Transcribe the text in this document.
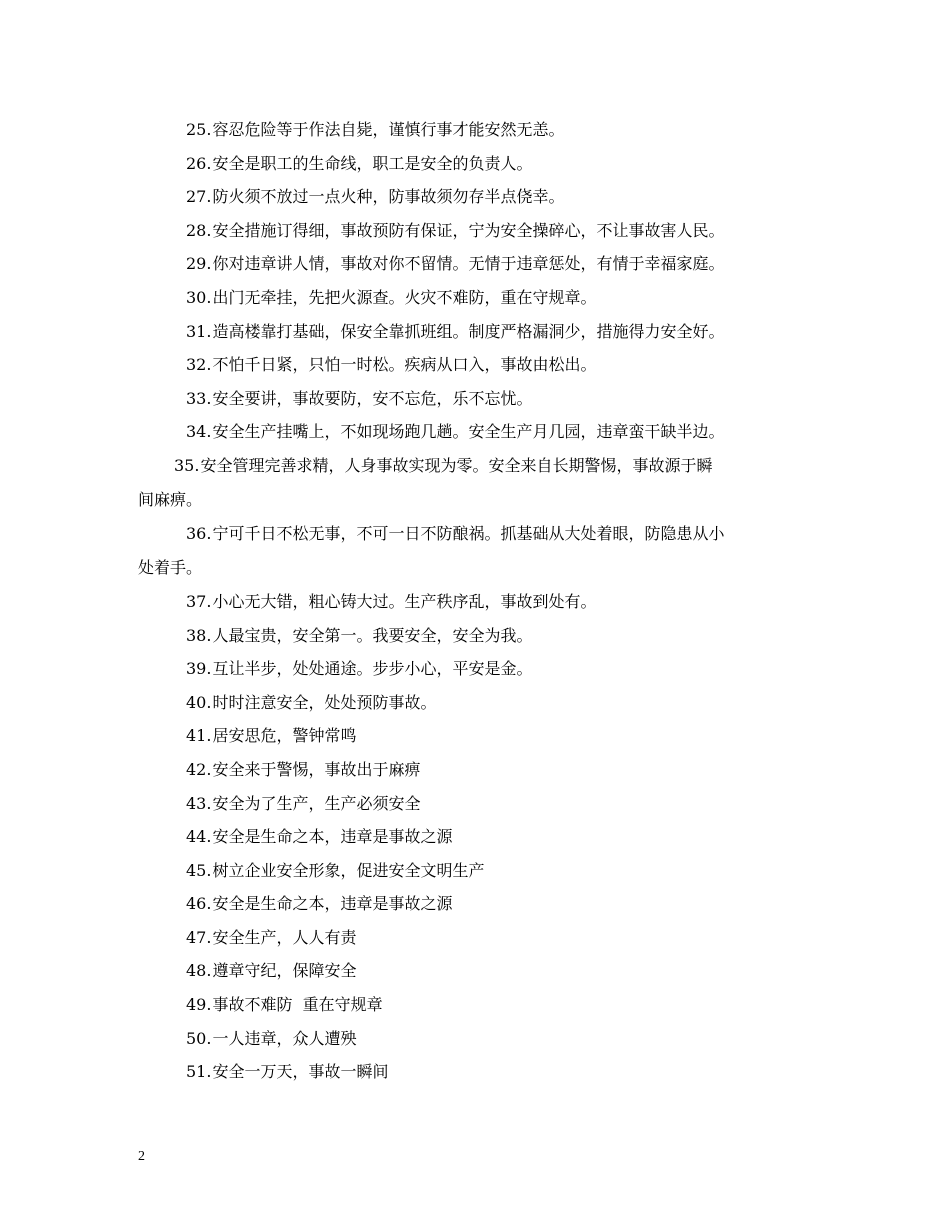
25.容忍危险等于作法自毙，谨慎行事才能安然无恙。
26.安全是职工的生命线，职工是安全的负责人。
27.防火须不放过一点火种，防事故须勿存半点侥幸。
28.安全措施订得细，事故预防有保证，宁为安全操碎心，不让事故害人民。
29.你对违章讲人情，事故对你不留情。无情于违章惩处，有情于幸福家庭。
30.出门无牵挂，先把火源查。火灾不难防，重在守规章。
31.造高楼靠打基础，保安全靠抓班组。制度严格漏洞少，措施得力安全好。
32.不怕千日紧，只怕一时松。疾病从口入，事故由松出。
33.安全要讲，事故要防，安不忘危，乐不忘忧。
34.安全生产挂嘴上，不如现场跑几趟。安全生产月几园，违章蛮干缺半边。
35.安全管理完善求精，人身事故实现为零。安全来自长期警惕，事故源于瞬
间麻痹。
36.宁可千日不松无事，不可一日不防酿祸。抓基础从大处着眼，防隐患从小
处着手。
37.小心无大错，粗心铸大过。生产秩序乱，事故到处有。
38.人最宝贵，安全第一。我要安全，安全为我。
39.互让半步，处处通途。步步小心，平安是金。
40.时时注意安全，处处预防事故。
41.居安思危，警钟常鸣
42.安全来于警惕，事故出于麻痹
43.安全为了生产，生产必须安全
44.安全是生命之本，违章是事故之源
45.树立企业安全形象，促进安全文明生产
46.安全是生命之本，违章是事故之源
47.安全生产，人人有责
48.遵章守纪，保障安全
49.事故不难防  重在守规章
50.一人违章，众人遭殃
51.安全一万天，事故一瞬间
2
